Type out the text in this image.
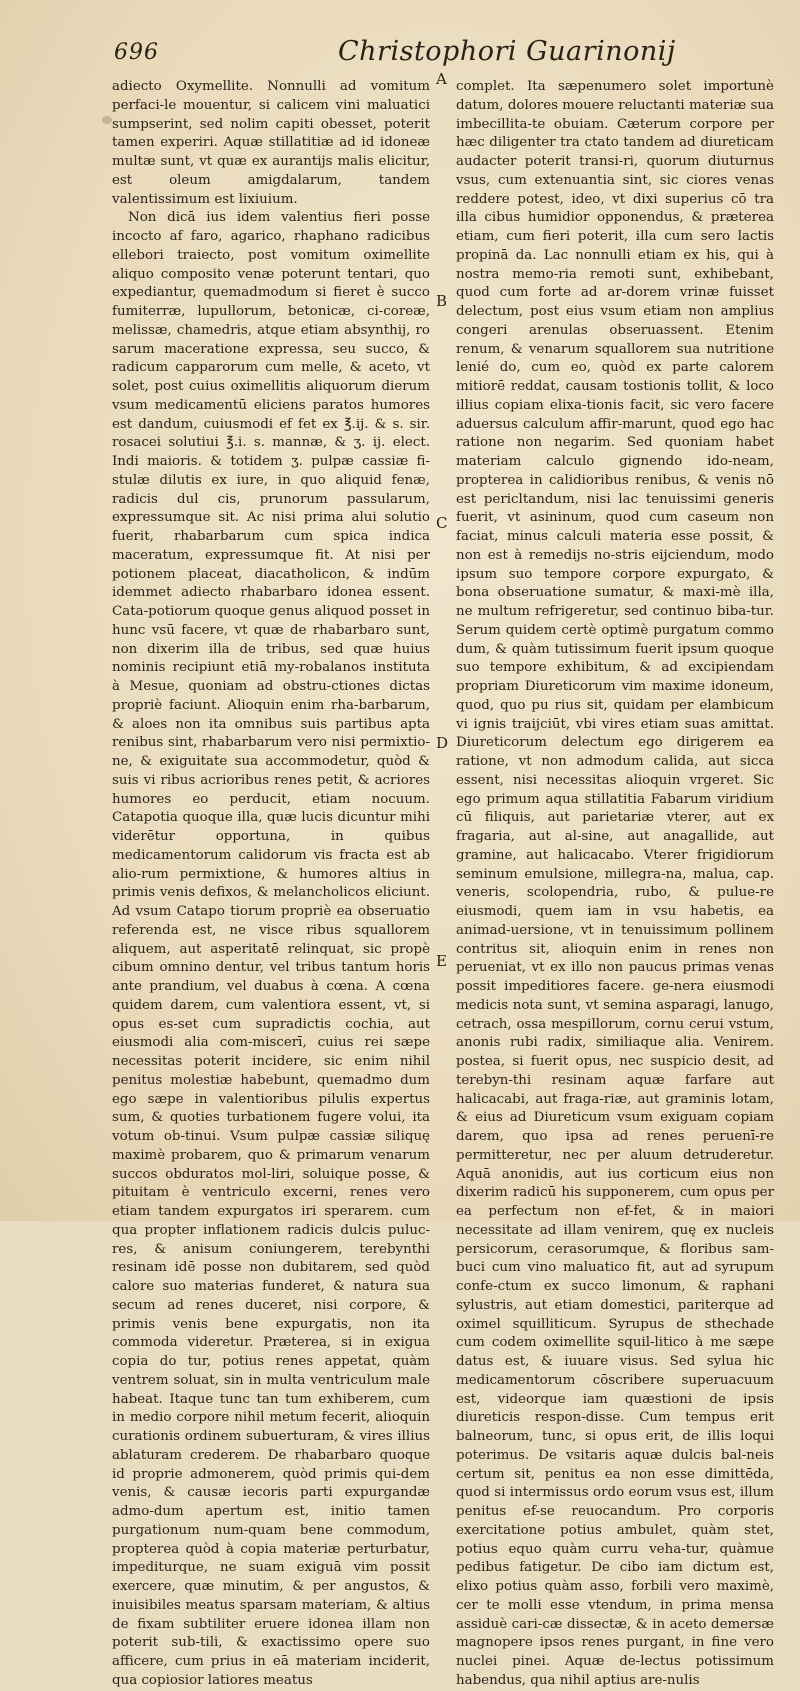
696	Christophori Guarinonij

adiecto Oxymellite. Nonnulli ad vomitum perfaci-le mouentur, si calicem vini maluatici sumpserint, sed nolim capiti obesset, poterit tamen experiri. Aquæ stillatitiæ ad id idoneæ multæ sunt, vt quæ ex aurantijs malis elicitur, est oleum amigdalarum, tandem valentissimum est lixiuium.

Non dicā ius idem valentius fieri posse incocto af faro, agarico, rhaphano radicibus ellebori traiecto, post vomitum oximellite aliquo composito venæ poterunt tentari, quo expediantur, quemadmodum si fieret è succo fumiterræ, lupullorum, betonicæ, ci-coreæ, melissæ, chamedris, atque etiam absynthij, ro sarum maceratione expressa, seu succo, & radicum capparorum cum melle, & aceto, vt solet, post cuius oximellitis aliquorum dierum vsum medicamentū eliciens paratos humores est dandum, cuiusmodi ef fet ex ℥.ij. & s. sir. rosacei solutiui ℥.i. s. mannæ, & ʒ. ij. elect. Indi maioris. & totidem ʒ. pulpæ cassiæ fi-stulæ dilutis ex iure, in quo aliquid fenæ, radicis dul cis, prunorum passularum, expressumque sit. Ac nisi prima alui solutio fuerit, rhabarbarum cum spica indica maceratum, expressumque fit. At nisi per potionem placeat, diacatholicon, & indūm idemmet adiecto rhabarbaro idonea essent. Cata-potiorum quoque genus aliquod posset in hunc vsū facere, vt quæ de rhabarbaro sunt, non dixerim illa de tribus, sed quæ huius nominis recipiunt etiā my-robalanos instituta à Mesue, quoniam ad obstru-ctiones dictas propriè faciunt. Alioquin enim rha-barbarum, & aloes non ita omnibus suis partibus apta renibus sint, rhabarbarum vero nisi permixtio-ne, & exiguitate sua accommodetur, quòd & suis vi ribus acrioribus renes petit, & acriores humores eo perducit, etiam nocuum. Catapotia quoque illa, quæ lucis dicuntur mihi viderētur opportuna, in quibus medicamentorum calidorum vis fracta est ab alio-rum permixtione, & humores altius in primis venis defixos, & melancholicos eliciunt. Ad vsum Catapo tiorum propriè ea obseruatio referenda est, ne visce ribus squallorem aliquem, aut asperitatē relinquat, sic propè cibum omnino dentur, vel tribus tantum horis ante prandium, vel duabus à cœna. A cœna quidem darem, cum valentiora essent, vt, si opus es-set cum supradictis cochia, aut eiusmodi alia com-miscerī, cuius rei sæpe necessitas poterit incidere, sic enim nihil penitus molestiæ habebunt, quemadmo dum ego sæpe in valentioribus pilulis expertus sum, & quoties turbationem fugere volui, ita votum ob-tinui. Vsum pulpæ cassiæ siliquę maximè probarem, quo & primarum venarum succos obduratos mol-liri, soluique posse, & pituitam è ventriculo excerni, renes vero etiam tandem expurgatos iri sperarem. cum qua propter inflationem radicis dulcis puluc-res, & anisum coniungerem, terebynthi resinam idē posse non dubitarem, sed quòd calore suo materias funderet, & natura sua secum ad renes duceret, nisi corpore, & primis venis bene expurgatis, non ita commoda videretur. Præterea, si in exigua copia do tur, potius renes appetat, quàm ventrem soluat, sin in multa ventriculum male habeat. Itaque tunc tan tum exhiberem, cum in medio corpore nihil metum fecerit, alioquin curationis ordinem subuerturam, & vires illius ablaturam crederem. De rhabarbaro quoque id proprie admonerem, quòd primis qui-dem venis, & causæ iecoris parti expurgandæ admo-dum apertum est, initio tamen purgationum num-quam bene commodum, propterea quòd à copia materiæ perturbatur, impediturque, ne suam exiguā vim possit exercere, quæ minutim, & per angustos, & inuisibiles meatus sparsam materiam, & altius de fixam subtiliter eruere idonea illam non poterit sub-tili, & exactissimo opere suo afficere, cum prius in eā materiam inciderit, qua copiosior latiores meatus

A
B
C
D
E

complet. Ita sæpenumero solet importunè datum, dolores mouere reluctanti materiæ sua imbecillita-te obuiam. Cæterum corpore per hæc diligenter tra ctato tandem ad diureticam audacter poterit transi-ri, quorum diuturnus vsus, cum extenuantia sint, sic ciores venas reddere potest, ideo, vt dixi superius cō tra illa cibus humidior opponendus, & præterea etiam, cum fieri poterit, illa cum sero lactis propinā da. Lac nonnulli etiam ex his, qui à nostra memo-ria remoti sunt, exhibebant, quod cum forte ad ar-dorem vrinæ fuisset delectum, post eius vsum etiam non amplius congeri arenulas obseruassent. Etenim renum, & venarum squallorem sua nutritione lenié do, cum eo, quòd ex parte calorem mitiorē reddat, causam tostionis tollit, & loco illius copiam elixa-tionis facit, sic vero facere aduersus calculum affir-marunt, quod ego hac ratione non negarim. Sed quoniam habet materiam calculo gignendo ido-neam, propterea in calidioribus renibus, & venis nō est pericltandum, nisi lac tenuissimi generis fuerit, vt asininum, quod cum caseum non faciat, minus calculi materia esse possit, & non est à remedijs no-stris eijciendum, modo ipsum suo tempore corpore expurgato, & bona obseruatione sumatur, & maxi-mè illa, ne multum refrigeretur, sed continuo biba-tur. Serum quidem certè optimè purgatum commo dum, & quàm tutissimum fuerit ipsum quoque suo tempore exhibitum, & ad excipiendam propriam Diureticorum vim maxime idoneum, quod, quo pu rius sit, quidam per elambicum vi ignis traijciūt, vbi vires etiam suas amittat. Diureticorum delectum ego dirigerem ea ratione, vt non admodum calida, aut sicca essent, nisi necessitas alioquin vrgeret. Sic ego primum aqua stillatitia Fabarum viridium cū filiquis, aut parietariæ vterer, aut ex fragaria, aut al-sine, aut anagallide, aut gramine, aut halicacabo. Vterer frigidiorum seminum emulsione, millegra-na, malua, cap. veneris, scolopendria, rubo, & pulue-re eiusmodi, quem iam in vsu habetis, ea animad-uersione, vt in tenuissimum pollinem contritus sit, alioquin enim in renes non perueniat, vt ex illo non paucus primas venas possit impeditiores facere. ge-nera eiusmodi medicis nota sunt, vt semina asparagi, lanugo, cetrach, ossa mespillorum, cornu cerui vstum, anonis rubi radix, similiaque alia. Venirem. postea, si fuerit opus, nec suspicio desit, ad terebyn-thi resinam aquæ farfare aut halicacabi, aut fraga-riæ, aut graminis lotam, & eius ad Diureticum vsum exiguam copiam darem, quo ipsa ad renes peruenī-re permitteretur, nec per aluum detruderetur. Aquā anonidis, aut ius corticum eius non dixerim radicū his supponerem, cum opus per ea perfectum non ef-fet, & in maiori necessitate ad illam venirem, quę ex nucleis persicorum, cerasorumque, & floribus sam-buci cum vino maluatico fit, aut ad syrupum confe-ctum ex succo limonum, & raphani sylustris, aut etiam domestici, pariterque ad oximel squilliticum. Syrupus de sthechade cum codem oximellite squil-litico à me sæpe datus est, & iuuare visus. Sed sylua hic medicamentorum cōscribere superuacuum est, videorque iam quæstioni de ipsis diureticis respon-disse. Cum tempus erit balneorum, tunc, si opus erit, de illis loqui poterimus. De vsitaris aquæ dulcis bal-neis certum sit, penitus ea non esse dimittēda, quod si intermissus ordo eorum vsus est, illum penitus ef-se reuocandum. Pro corporis exercitatione potius ambulet, quàm stet, potius equo quàm curru veha-tur, quàmue pedibus fatigetur. De cibo iam dictum est, elixo potius quàm asso, forbili vero maximè, cer te molli esse vtendum, in prima mensa assiduè cari-cæ dissectæ, & in aceto demersæ magnopere ipsos renes purgant, in fine vero nuclei pinei. Aquæ de-lectus potissimum habendus, qua nihil aptius are-nulis
